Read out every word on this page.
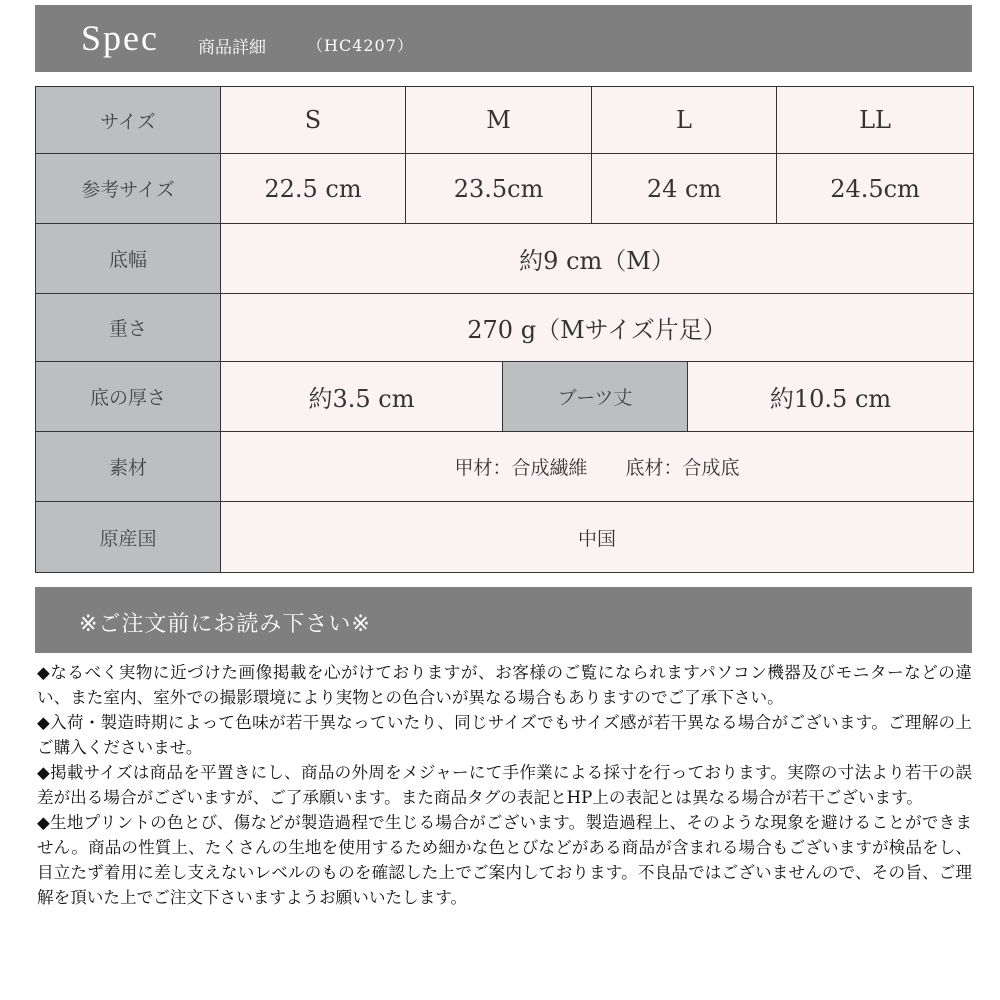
Spec 商品詳細	（HC4207）
サイズ	S	M		L		LL
参考サイズ	22.5 cm	23.5cm		24 cm		24.5cm
底幅	約9 cm（M）					
重さ	270 g（Mサイズ片足）					
底の厚さ	約3.5 cm		ブーツ丈		約10.5 cm	
素材	甲材：合成繊維　　底材：合成底					
原産国	中国					
※ご注文前にお読み下さい※

◆なるべく実物に近づけた画像掲載を心がけておりますが、お客様のご覧になられますパソコン機器及びモニターなどの違い、また室内、室外での撮影環境により実物との色合いが異なる場合もありますのでご了承下さい。

◆入荷・製造時期によって色味が若干異なっていたり、同じサイズでもサイズ感が若干異なる場合がございます。ご理解の上ご購入くださいませ。

◆掲載サイズは商品を平置きにし、商品の外周をメジャーにて手作業による採寸を行っております。実際の寸法より若干の誤差が出る場合がございますが、ご了承願います。また商品タグの表記とHP上の表記とは異なる場合が若干ございます。

◆生地プリントの色とび、傷などが製造過程で生じる場合がございます。製造過程上、そのような現象を避けることができません。商品の性質上、たくさんの生地を使用するため細かな色とびなどがある商品が含まれる場合もございますが検品をし、目立たず着用に差し支えないレベルのものを確認した上でご案内しております。不良品ではございませんので、その旨、ご理解を頂いた上でご注文下さいますようお願いいたします。
